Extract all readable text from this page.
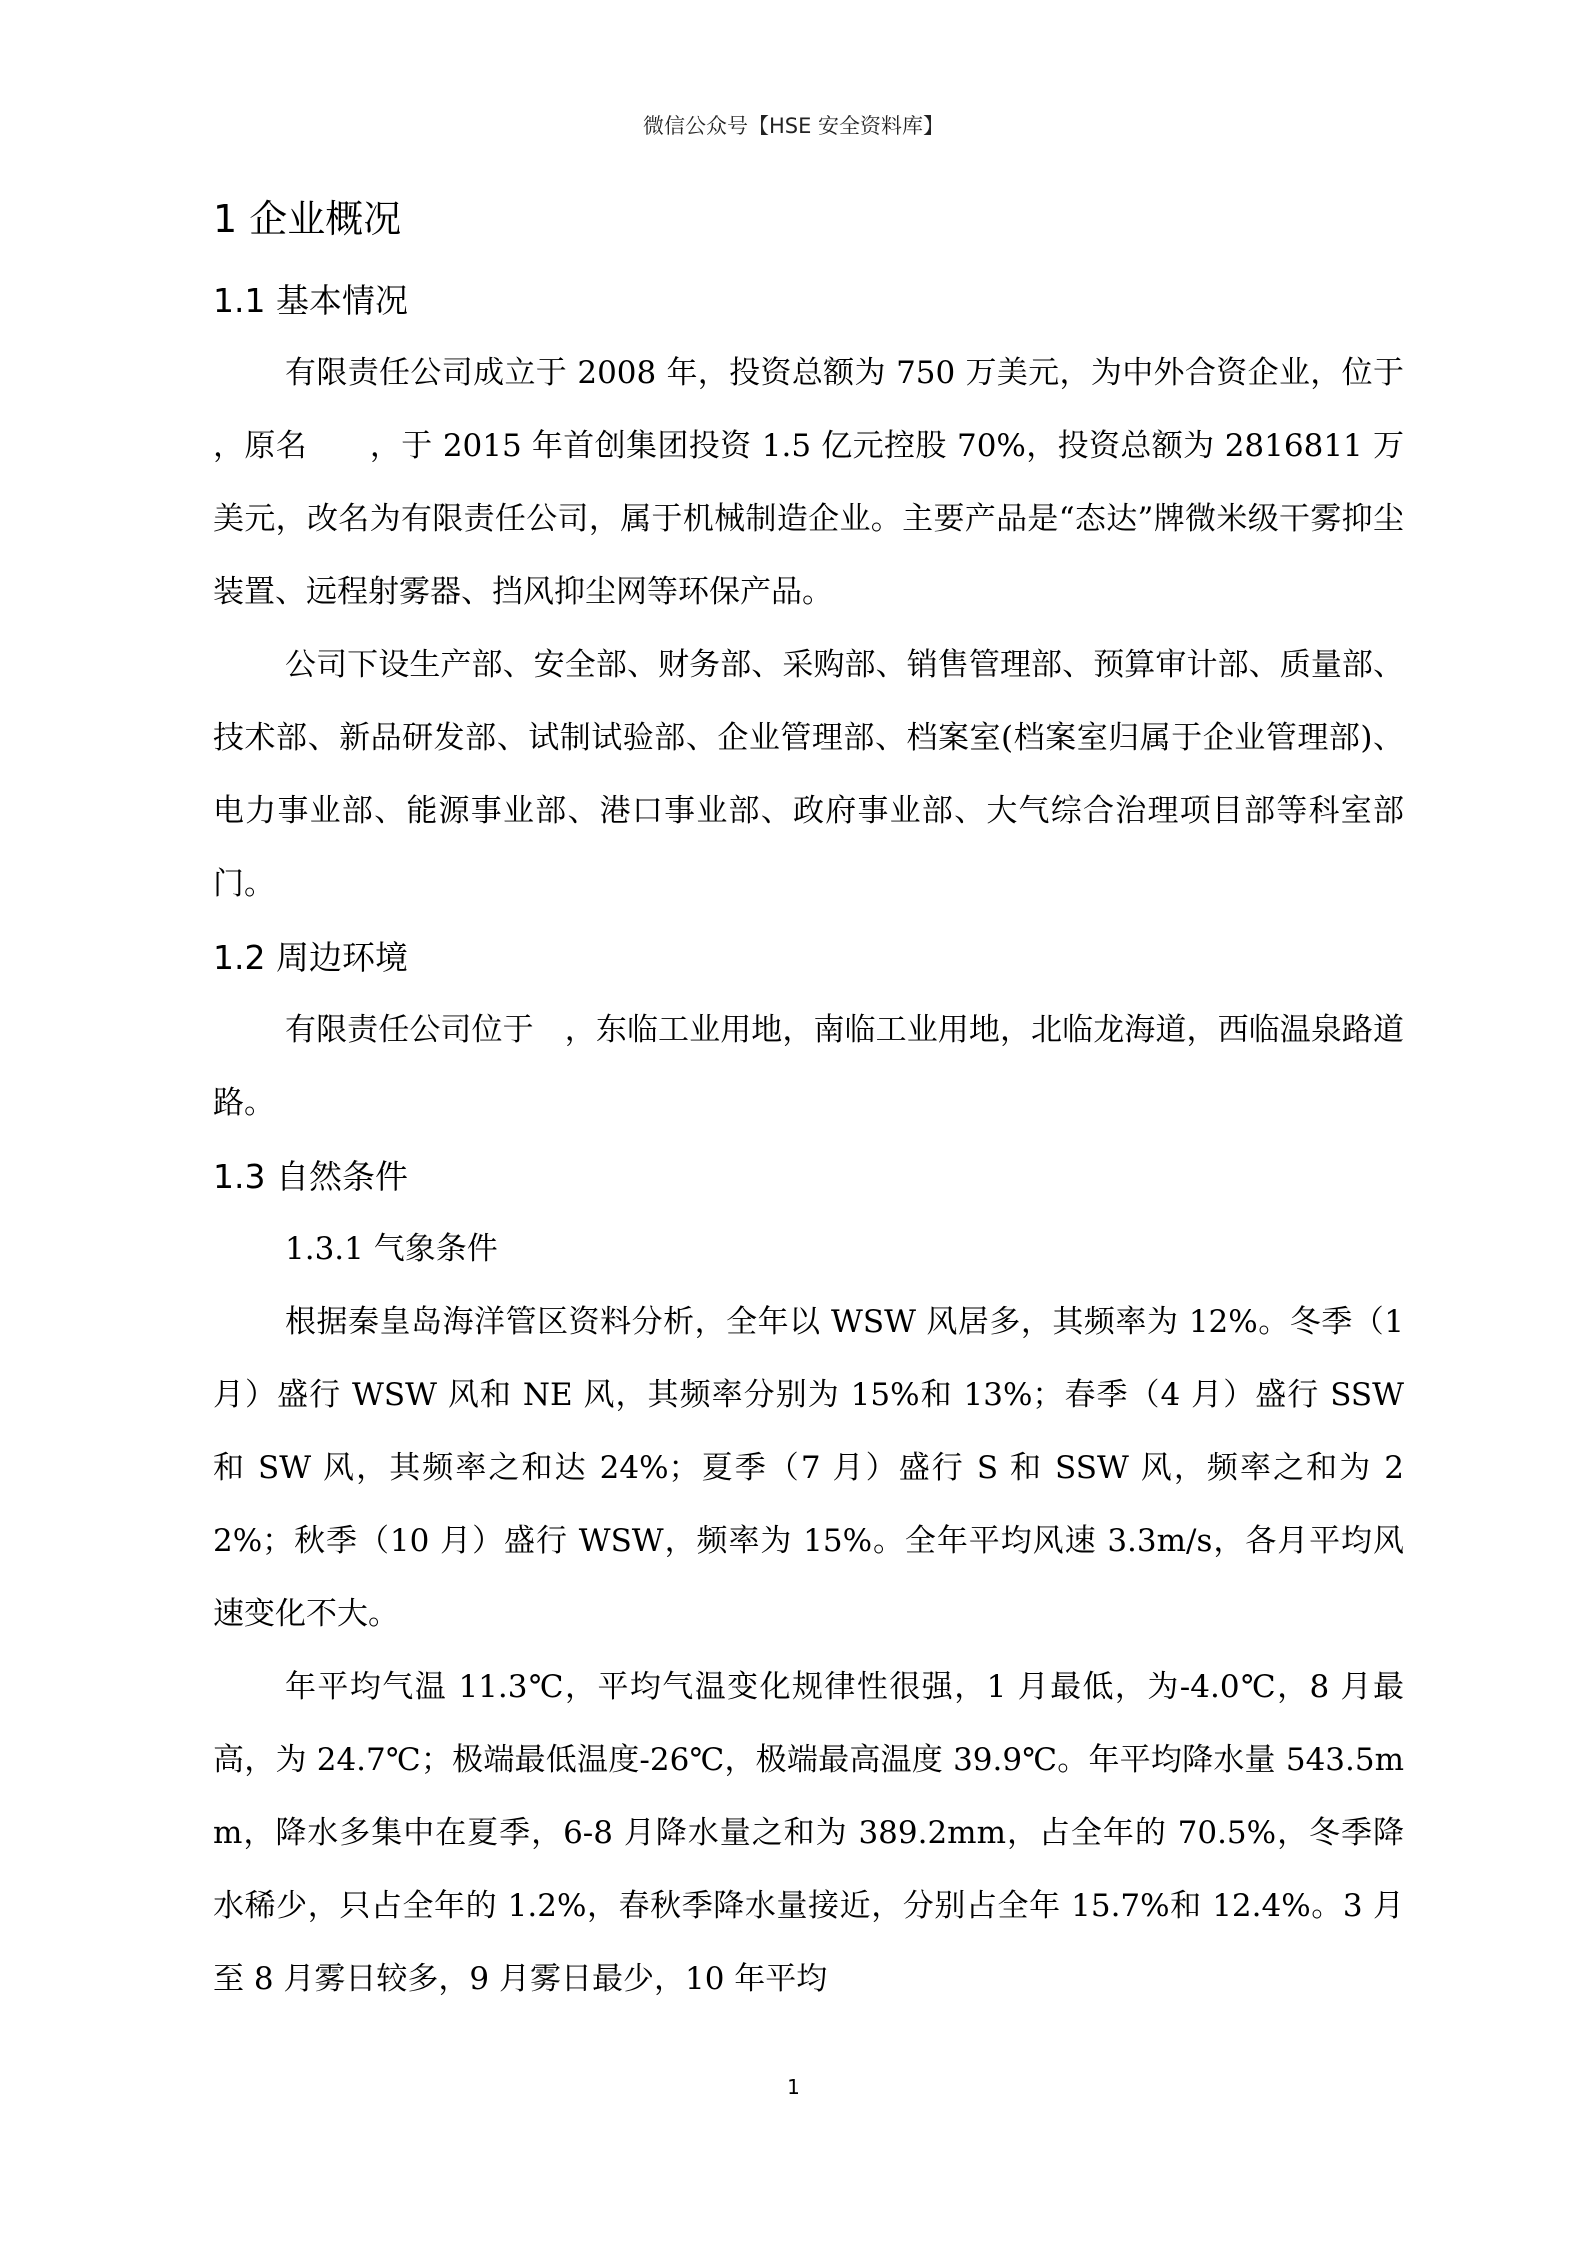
微信公众号【HSE 安全资料库】
1 企业概况
1.1 基本情况

有限责任公司成立于 2008 年，投资总额为 750 万美元，为中外合资企业，位于　　，原名　　，于 2015 年首创集团投资 1.5 亿元控股 70%，投资总额为 2816811 万美元，改名为有限责任公司，属于机械制造企业。主要产品是“态达”牌微米级干雾抑尘装置、远程射雾器、挡风抑尘网等环保产品。

公司下设生产部、安全部、财务部、采购部、销售管理部、预算审计部、质量部、技术部、新品研发部、试制试验部、企业管理部、档案室(档案室归属于企业管理部)、电力事业部、能源事业部、港口事业部、政府事业部、大气综合治理项目部等科室部门。

1.2 周边环境

有限责任公司位于　，东临工业用地，南临工业用地，北临龙海道，西临温泉路道路。

1.3 自然条件
1.3.1 气象条件

根据秦皇岛海洋管区资料分析，全年以 WSW 风居多，其频率为 12%。冬季（1 月）盛行 WSW 风和 NE 风，其频率分别为 15%和 13%；春季（4 月）盛行 SSW 和 SW 风，其频率之和达 24%；夏季（7 月）盛行 S 和 SSW 风，频率之和为 22%；秋季（10 月）盛行 WSW，频率为 15%。全年平均风速 3.3m/s，各月平均风速变化不大。

年平均气温 11.3℃，平均气温变化规律性很强，1 月最低，为-4.0℃，8 月最高，为 24.7℃；极端最低温度-26℃，极端最高温度 39.9℃。年平均降水量 543.5mm，降水多集中在夏季，6-8 月降水量之和为 389.2mm，占全年的 70.5%，冬季降水稀少，只占全年的 1.2%，春秋季降水量接近，分别占全年 15.7%和 12.4%。3 月至 8 月雾日较多，9 月雾日最少，10 年平均

1
